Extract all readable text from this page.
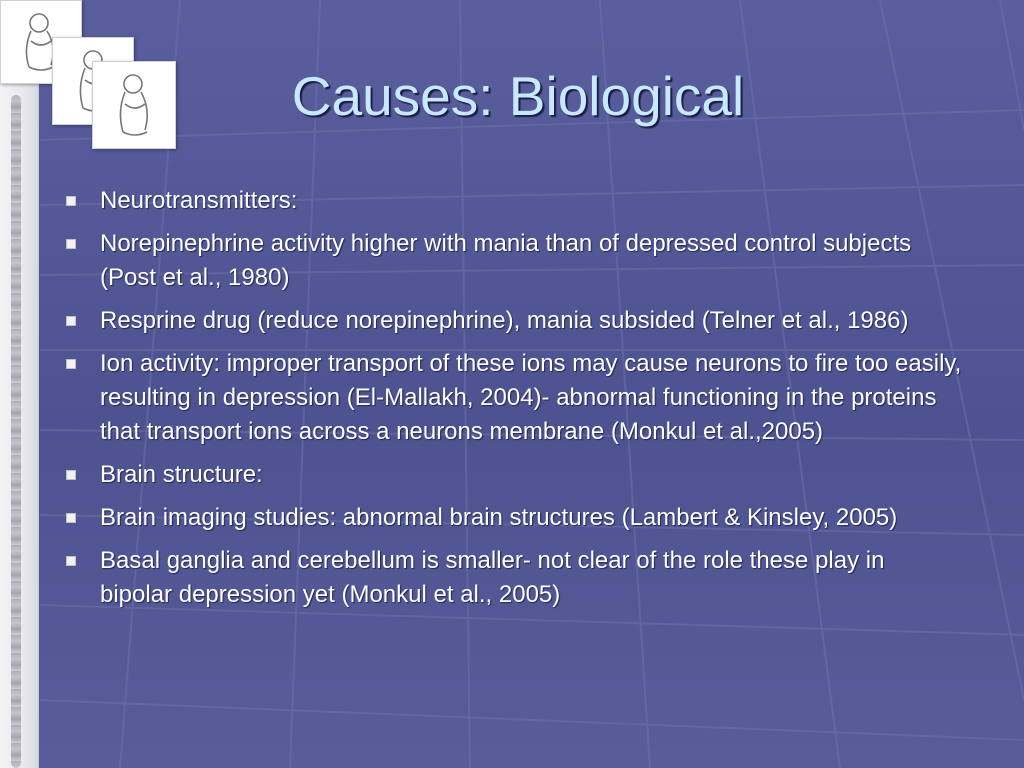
Causes: Biological
Neurotransmitters:
Norepinephrine activity higher with mania than of depressed control subjects (Post et al., 1980)
Resprine drug (reduce norepinephrine), mania subsided (Telner et al., 1986)
Ion activity: improper transport of these ions may cause neurons to fire too easily, resulting in depression (El-Mallakh, 2004)- abnormal functioning in the proteins that transport ions across a neurons membrane (Monkul et al.,2005)
Brain structure:
Brain imaging studies: abnormal brain structures (Lambert & Kinsley, 2005)
Basal ganglia and cerebellum is smaller- not clear of the role these play in bipolar depression yet (Monkul et al., 2005)
